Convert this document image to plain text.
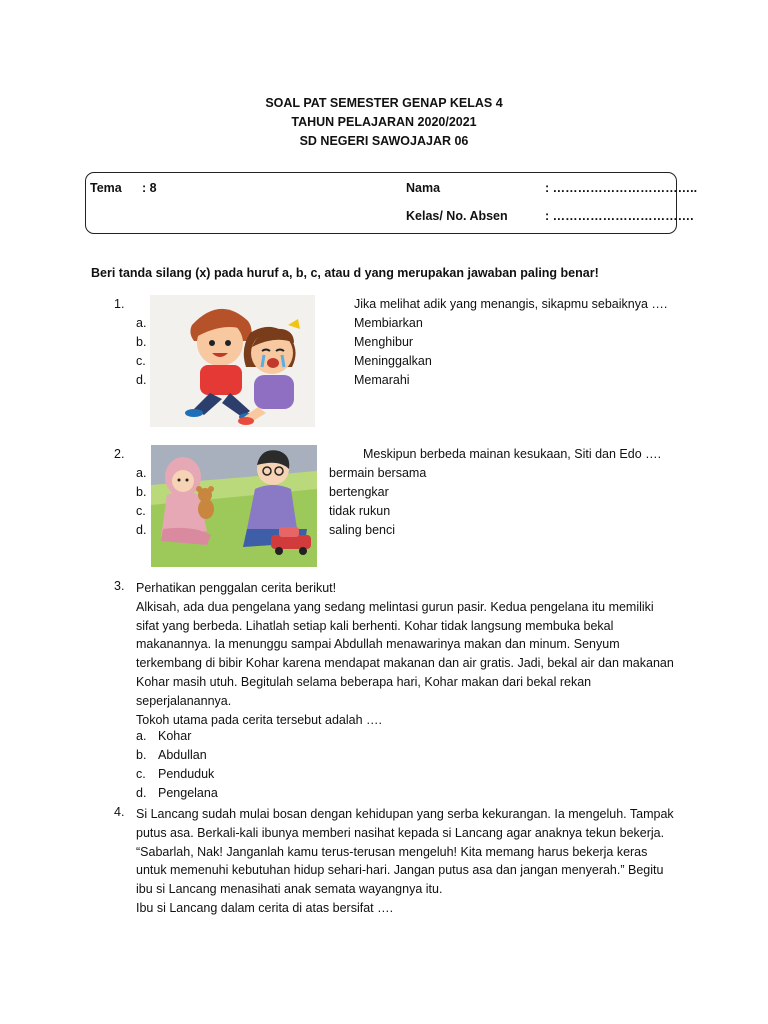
SOAL PAT SEMESTER GENAP KELAS 4
TAHUN PELAJARAN 2020/2021
SD NEGERI SAWOJAJAR 06
Tema : 8	Nama	: ……………………………..
Kelas/ No. Absen	: …………………………….
Beri tanda silang (x) pada huruf a, b, c, atau d yang merupakan jawaban paling benar!
1.	Jika melihat adik yang menangis, sikapmu sebaiknya ….
a.
b.
c.
d.
Membiarkan
Menghibur
Meninggalkan
Memarahi
2.	Meskipun berbeda mainan kesukaan, Siti dan Edo ….
a.
b.
c.
d.
bermain bersama
bertengkar
tidak rukun
saling benci
3. Perhatikan penggalan cerita berikut!
Alkisah, ada dua pengelana yang sedang melintasi gurun pasir. Kedua pengelana itu memiliki
sifat yang berbeda. Lihatlah setiap kali berhenti. Kohar tidak langsung membuka bekal
makanannya. Ia menunggu sampai Abdullah menawarinya makan dan minum. Senyum
terkembang di bibir Kohar karena mendapat makanan dan air gratis. Jadi, bekal air dan makanan
Kohar masih utuh. Begitulah selama beberapa hari, Kohar makan dari bekal rekan
seperjalanannya.
Tokoh utama pada cerita tersebut adalah ….
a.
b.
c.
d.
Kohar
Abdullan
Penduduk
Pengelana
4. Si Lancang sudah mulai bosan dengan kehidupan yang serba kekurangan. Ia mengeluh. Tampak
putus asa. Berkali-kali ibunya memberi nasihat kepada si Lancang agar anaknya tekun bekerja.
“Sabarlah, Nak! Janganlah kamu terus-terusan mengeluh! Kita memang harus bekerja keras
untuk memenuhi kebutuhan hidup sehari-hari. Jangan putus asa dan jangan menyerah.” Begitu
ibu si Lancang menasihati anak semata wayangnya itu.
Ibu si Lancang dalam cerita di atas bersifat ….
